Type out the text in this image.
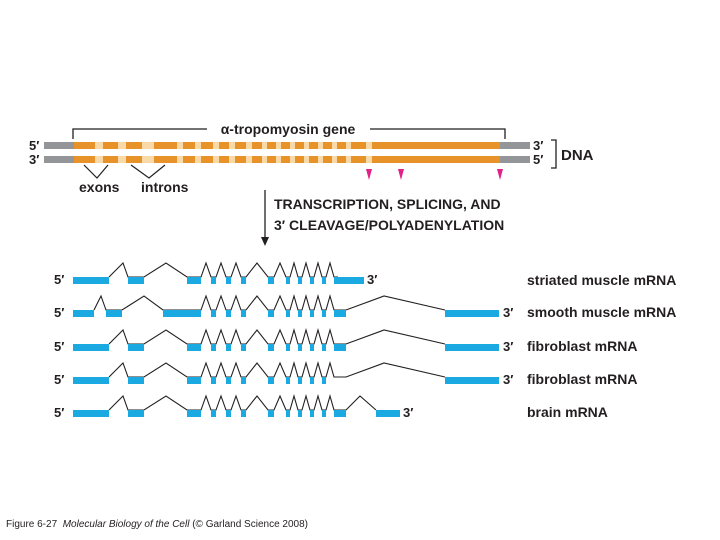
α-tropomyosin gene
5′
3′
3′
5′ DNA
exons introns
TRANSCRIPTION, SPLICING, AND
3′ CLEAVAGE/POLYADENYLATION
5′	3′	striated muscle mRNA
5′	3′ smooth muscle mRNA
5′	3′ fibroblast mRNA
5′	3′ fibroblast mRNA
5′	3′	brain mRNA
Figure 6-27 Molecular Biology of the Cell (© Garland Science 2008)
